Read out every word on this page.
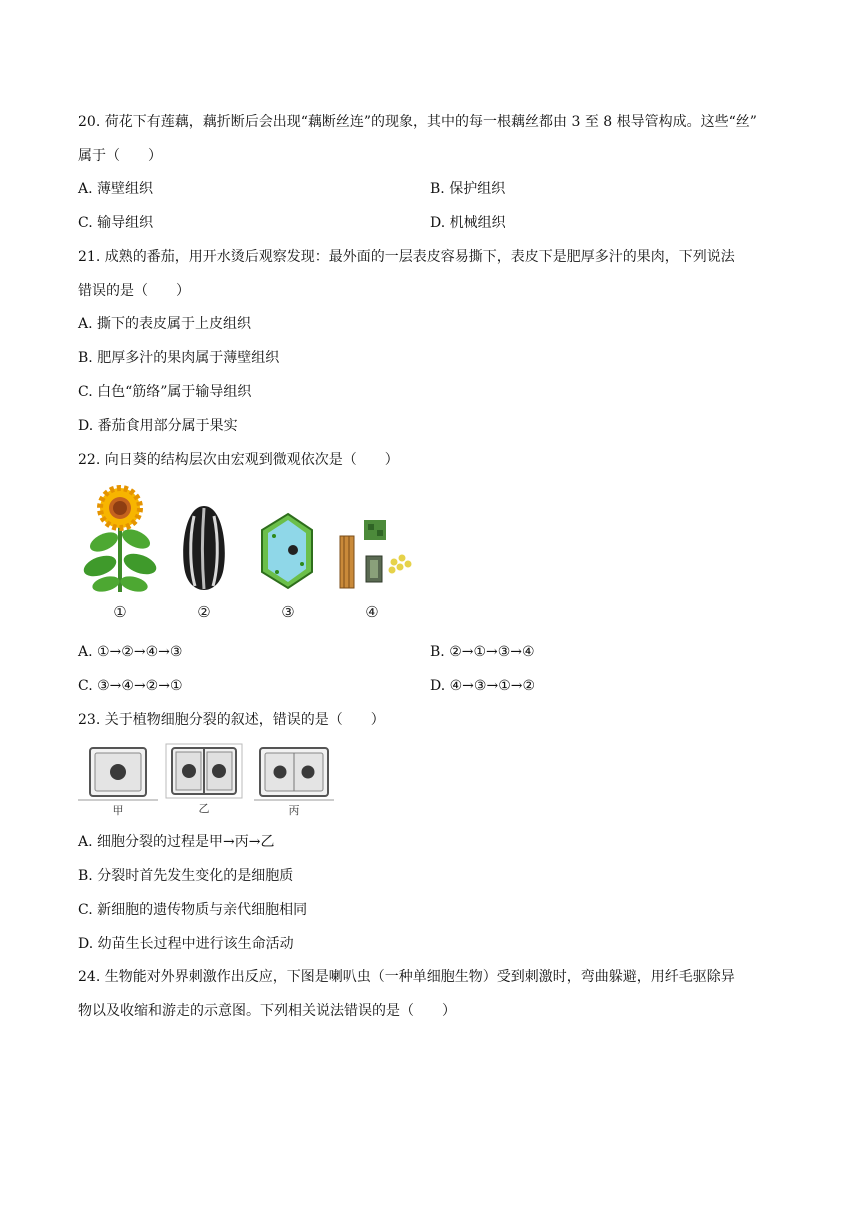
20. 荷花下有莲藕，藕折断后会出现“藕断丝连”的现象，其中的每一根藕丝都由 3 至 8 根导管构成。这些“丝”
属于（　　）
A. 薄壁组织	B. 保护组织
C. 输导组织	D. 机械组织
21. 成熟的番茄，用开水烫后观察发现：最外面的一层表皮容易撕下，表皮下是肥厚多汁的果肉，下列说法
错误的是（　　）
A. 撕下的表皮属于上皮组织
B. 肥厚多汁的果肉属于薄壁组织
C. 白色“筋络”属于输导组织
D. 番茄食用部分属于果实
22. 向日葵的结构层次由宏观到微观依次是（　　）
①	②	③	④
A. ①→②→④→③	B. ②→①→③→④
C. ③→④→②→①	D. ④→③→①→②
23. 关于植物细胞分裂的叙述，错误的是（　　）
甲	乙	丙
A. 细胞分裂的过程是甲→丙→乙
B. 分裂时首先发生变化的是细胞质
C. 新细胞的遗传物质与亲代细胞相同
D. 幼苗生长过程中进行该生命活动
24. 生物能对外界刺激作出反应，下图是喇叭虫（一种单细胞生物）受到刺激时，弯曲躲避，用纤毛驱除异
物以及收缩和游走的示意图。下列相关说法错误的是（　　）
